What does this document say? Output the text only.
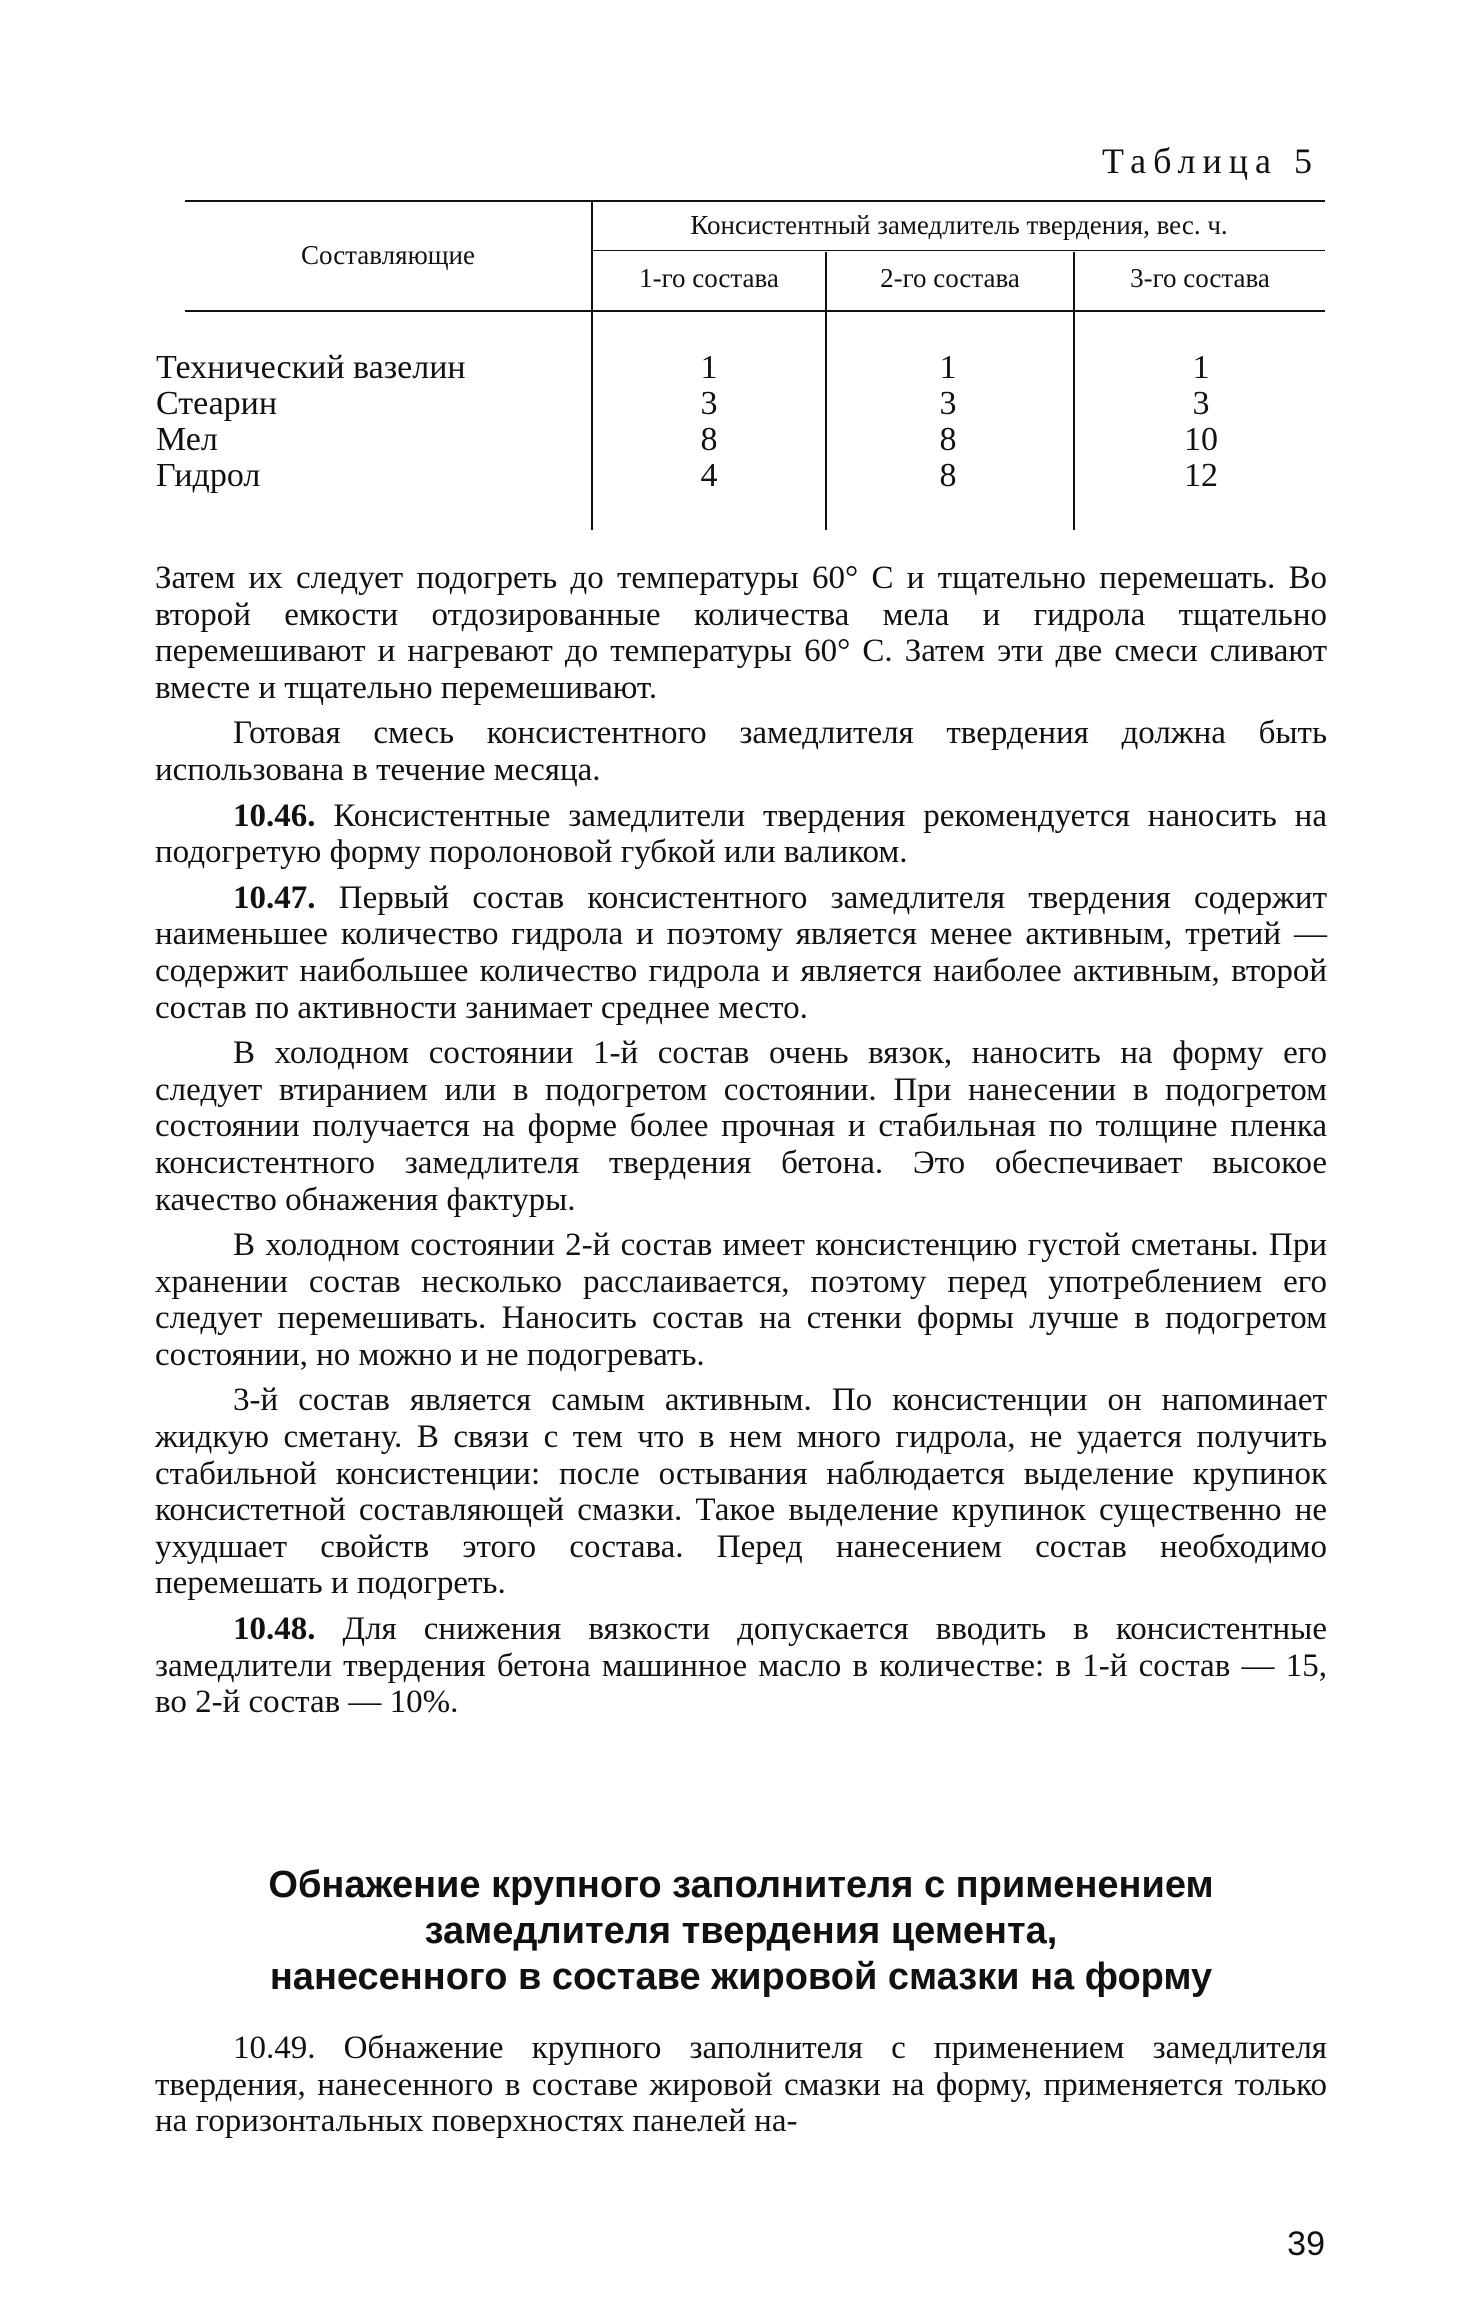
Таблица 5
Составляющие
Консистентный замедлитель твердения, вес. ч.
1-го состава	2-го состава	3-го состава
Технический вазелин
Стеарин
Мел
Гидрол
1
3
8
4
1
3
8
8
1
3
10
12

Затем их следует подогреть до температуры 60° С и тщательно перемешать. Во второй емкости отдозированные количества мела и гидрола тщательно перемешивают и нагревают до температуры 60° С. Затем эти две смеси сливают вместе и тщательно перемешивают.

Готовая смесь консистентного замедлителя твердения должна быть использована в течение месяца.

10.46. Консистентные замедлители твердения рекомендуется наносить на подогретую форму поролоновой губкой или валиком.

10.47. Первый состав консистентного замедлителя твердения содержит наименьшее количество гидрола и поэтому является менее активным, третий — содержит наибольшее количество гидрола и является наиболее активным, второй состав по активности занимает среднее место.

В холодном состоянии 1-й состав очень вязок, наносить на форму его следует втиранием или в подогретом состоянии. При нанесении в подогретом состоянии получается на форме более прочная и стабильная по толщине пленка консистентного замедлителя твердения бетона. Это обеспечивает высокое качество обнажения фактуры.

В холодном состоянии 2-й состав имеет консистенцию густой сметаны. При хранении состав несколько расслаивается, поэтому перед употреблением его следует перемешивать. Наносить состав на стенки формы лучше в подогретом состоянии, но можно и не подогревать.

3-й состав является самым активным. По консистенции он напоминает жидкую сметану. В связи с тем что в нем много гидрола, не удается получить стабильной консистенции: после остывания наблюдается выделение крупинок консистетной составляющей смазки. Такое выделение крупинок существенно не ухудшает свойств этого состава. Перед нанесением состав необходимо перемешать и подогреть.

10.48. Для снижения вязкости допускается вводить в консистентные замедлители твердения бетона машинное масло в количестве: в 1-й состав — 15, во 2-й состав — 10%.

Обнажение крупного заполнителя с применением
замедлителя твердения цемента,
нанесенного в составе жировой смазки на форму

10.49. Обнажение крупного заполнителя с применением замедлителя твердения, нанесенного в составе жировой смазки на форму, применяется только на горизонтальных поверхностях панелей на-

39
